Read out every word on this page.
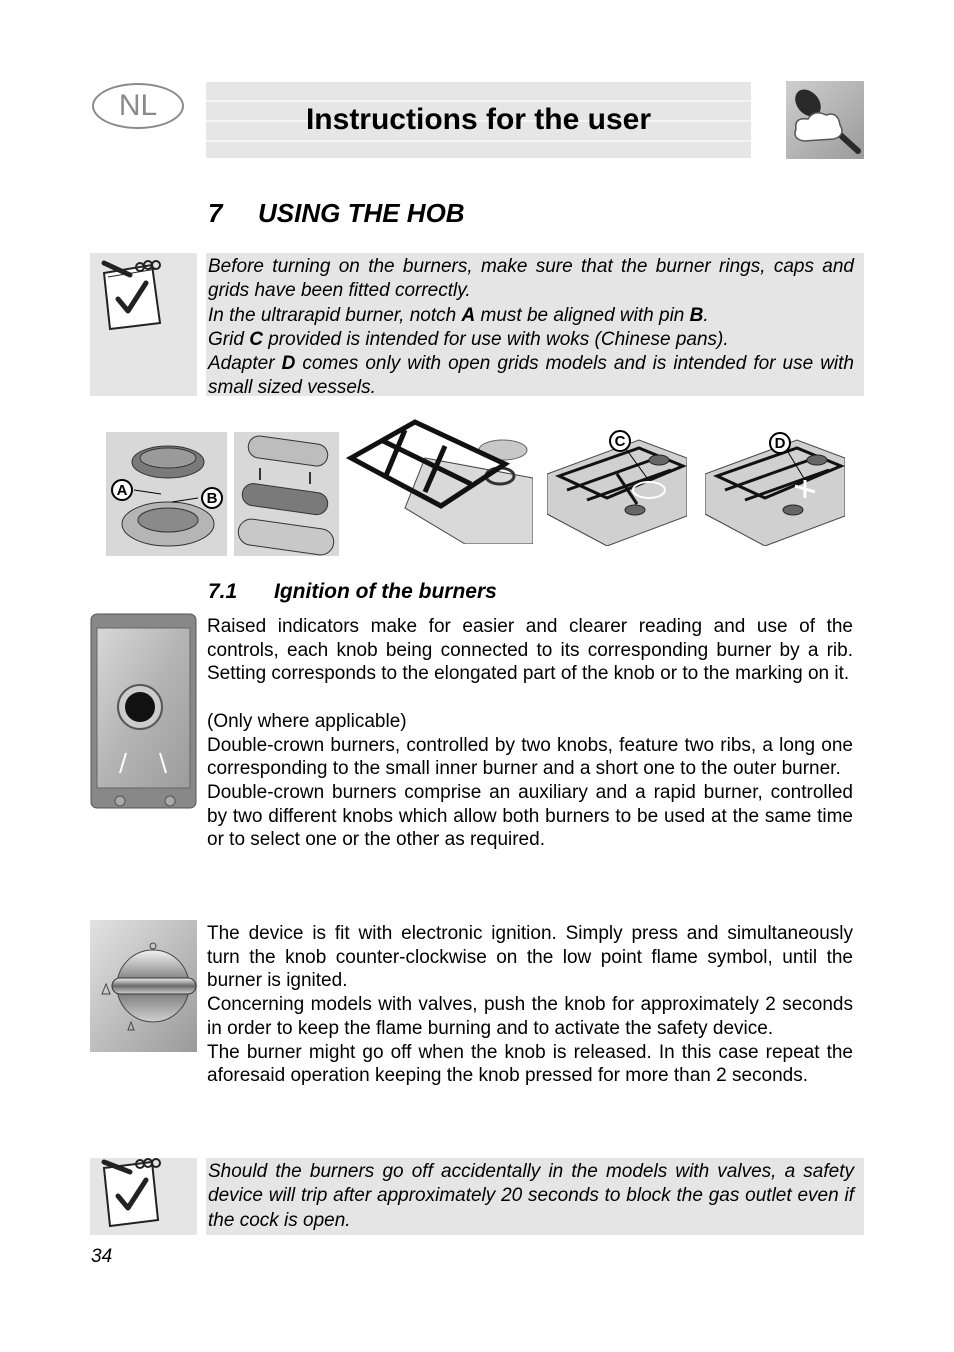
NL	Instructions for the user
7 USING THE HOB

Before turning on the burners, make sure that the burner rings, caps and grids have been fitted correctly.

In the ultrarapid burner, notch A must be aligned with pin B.

Grid C provided is intended for use with woks (Chinese pans).

Adapter D comes only with open grids models and is intended for use with small sized vessels.

A	B
C	D
7.1 Ignition of the burners

Raised indicators make for easier and clearer reading and use of the controls, each knob being connected to its corresponding burner by a rib. Setting corresponds to the elongated part of the knob or to the marking on it.

(Only where applicable)

Double-crown burners, controlled by two knobs, feature two ribs, a long one corresponding to the small inner burner and a short one to the outer burner.

Double-crown burners comprise an auxiliary and a rapid burner, controlled by two different knobs which allow both burners to be used at the same time or to select one or the other as required.

The device is fit with electronic ignition. Simply press and simultaneously turn the knob counter-clockwise on the low point flame symbol, until the burner is ignited.

Concerning models with valves, push the knob for approximately 2 seconds in order to keep the flame burning and to activate the safety device.

The burner might go off when the knob is released. In this case repeat the aforesaid operation keeping the knob pressed for more than 2 seconds.

Should the burners go off accidentally in the models with valves, a safety device will trip after approximately 20 seconds to block the gas outlet even if the cock is open.

34
